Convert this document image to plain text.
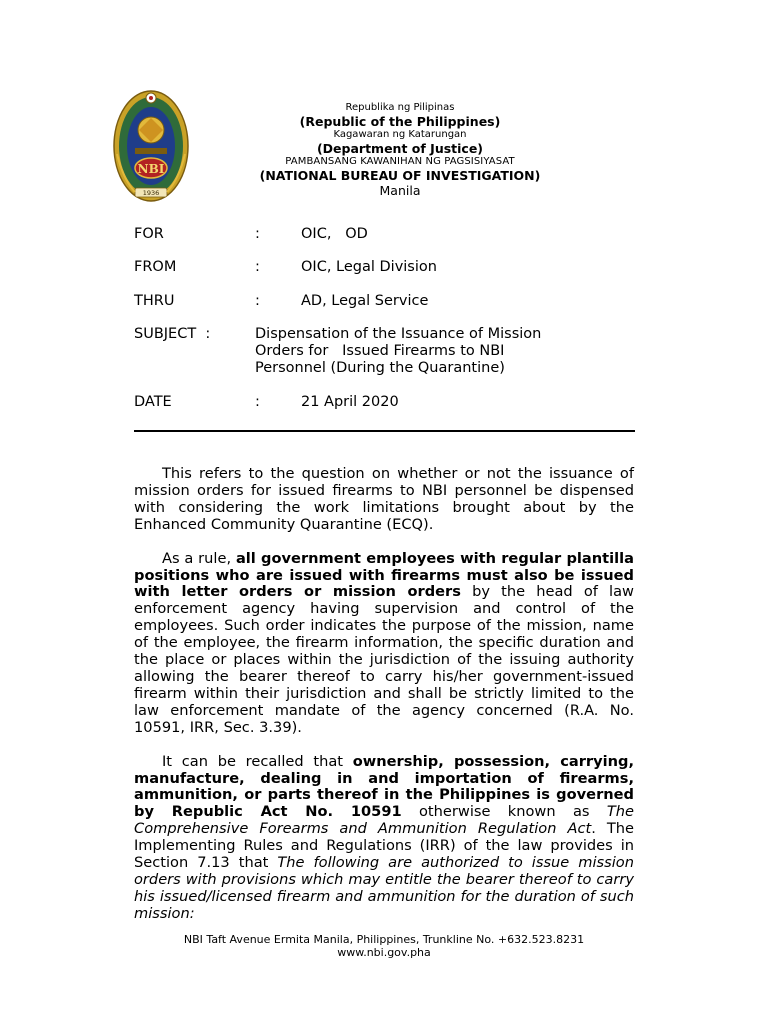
NBI
1936

Republika ng Pilipinas

(Republic of the Philippines)

Kagawaran ng Katarungan

(Department of Justice)

PAMBANSANG KAWANIHAN NG PAGSISIYASAT

(NATIONAL BUREAU OF INVESTIGATION)

Manila

FOR	:	OIC,   OD
FROM	:	OIC, Legal Division
THRU	:	AD, Legal Service
SUBJECT  :	Dispensation of the Issuance of Mission
Orders for   Issued Firearms to NBI
Personnel (During the Quarantine)
DATE	:	21 April 2020

This refers to the question on whether or not the issuance of mission orders for issued firearms to NBI personnel be dispensed with considering the work limitations brought about by the Enhanced Community Quarantine (ECQ).

As a rule, all government employees with regular plantilla positions who are issued with firearms must also be issued with letter orders or mission orders by the head of law enforcement agency having supervision and control of the employees. Such order indicates the purpose of the mission, name of the employee, the firearm information, the specific duration and the place or places within the jurisdiction of the issuing authority allowing the bearer thereof to carry his/her government-issued firearm within their jurisdiction and shall be strictly limited to the law enforcement mandate of the agency concerned (R.A. No. 10591, IRR, Sec. 3.39).

It can be recalled that ownership, possession, carrying, manufacture, dealing in and importation of firearms, ammunition, or parts thereof in the Philippines is governed by Republic Act No. 10591 otherwise known as The Comprehensive Forearms and Ammunition Regulation Act. The Implementing Rules and Regulations (IRR) of the law provides in Section 7.13 that The following are authorized to issue mission orders with provisions which may entitle the bearer thereof to carry his issued/licensed firearm and ammunition for the duration of such mission:

NBI Taft Avenue Ermita Manila, Philippines, Trunkline No. +632.523.8231
www.nbi.gov.pha
